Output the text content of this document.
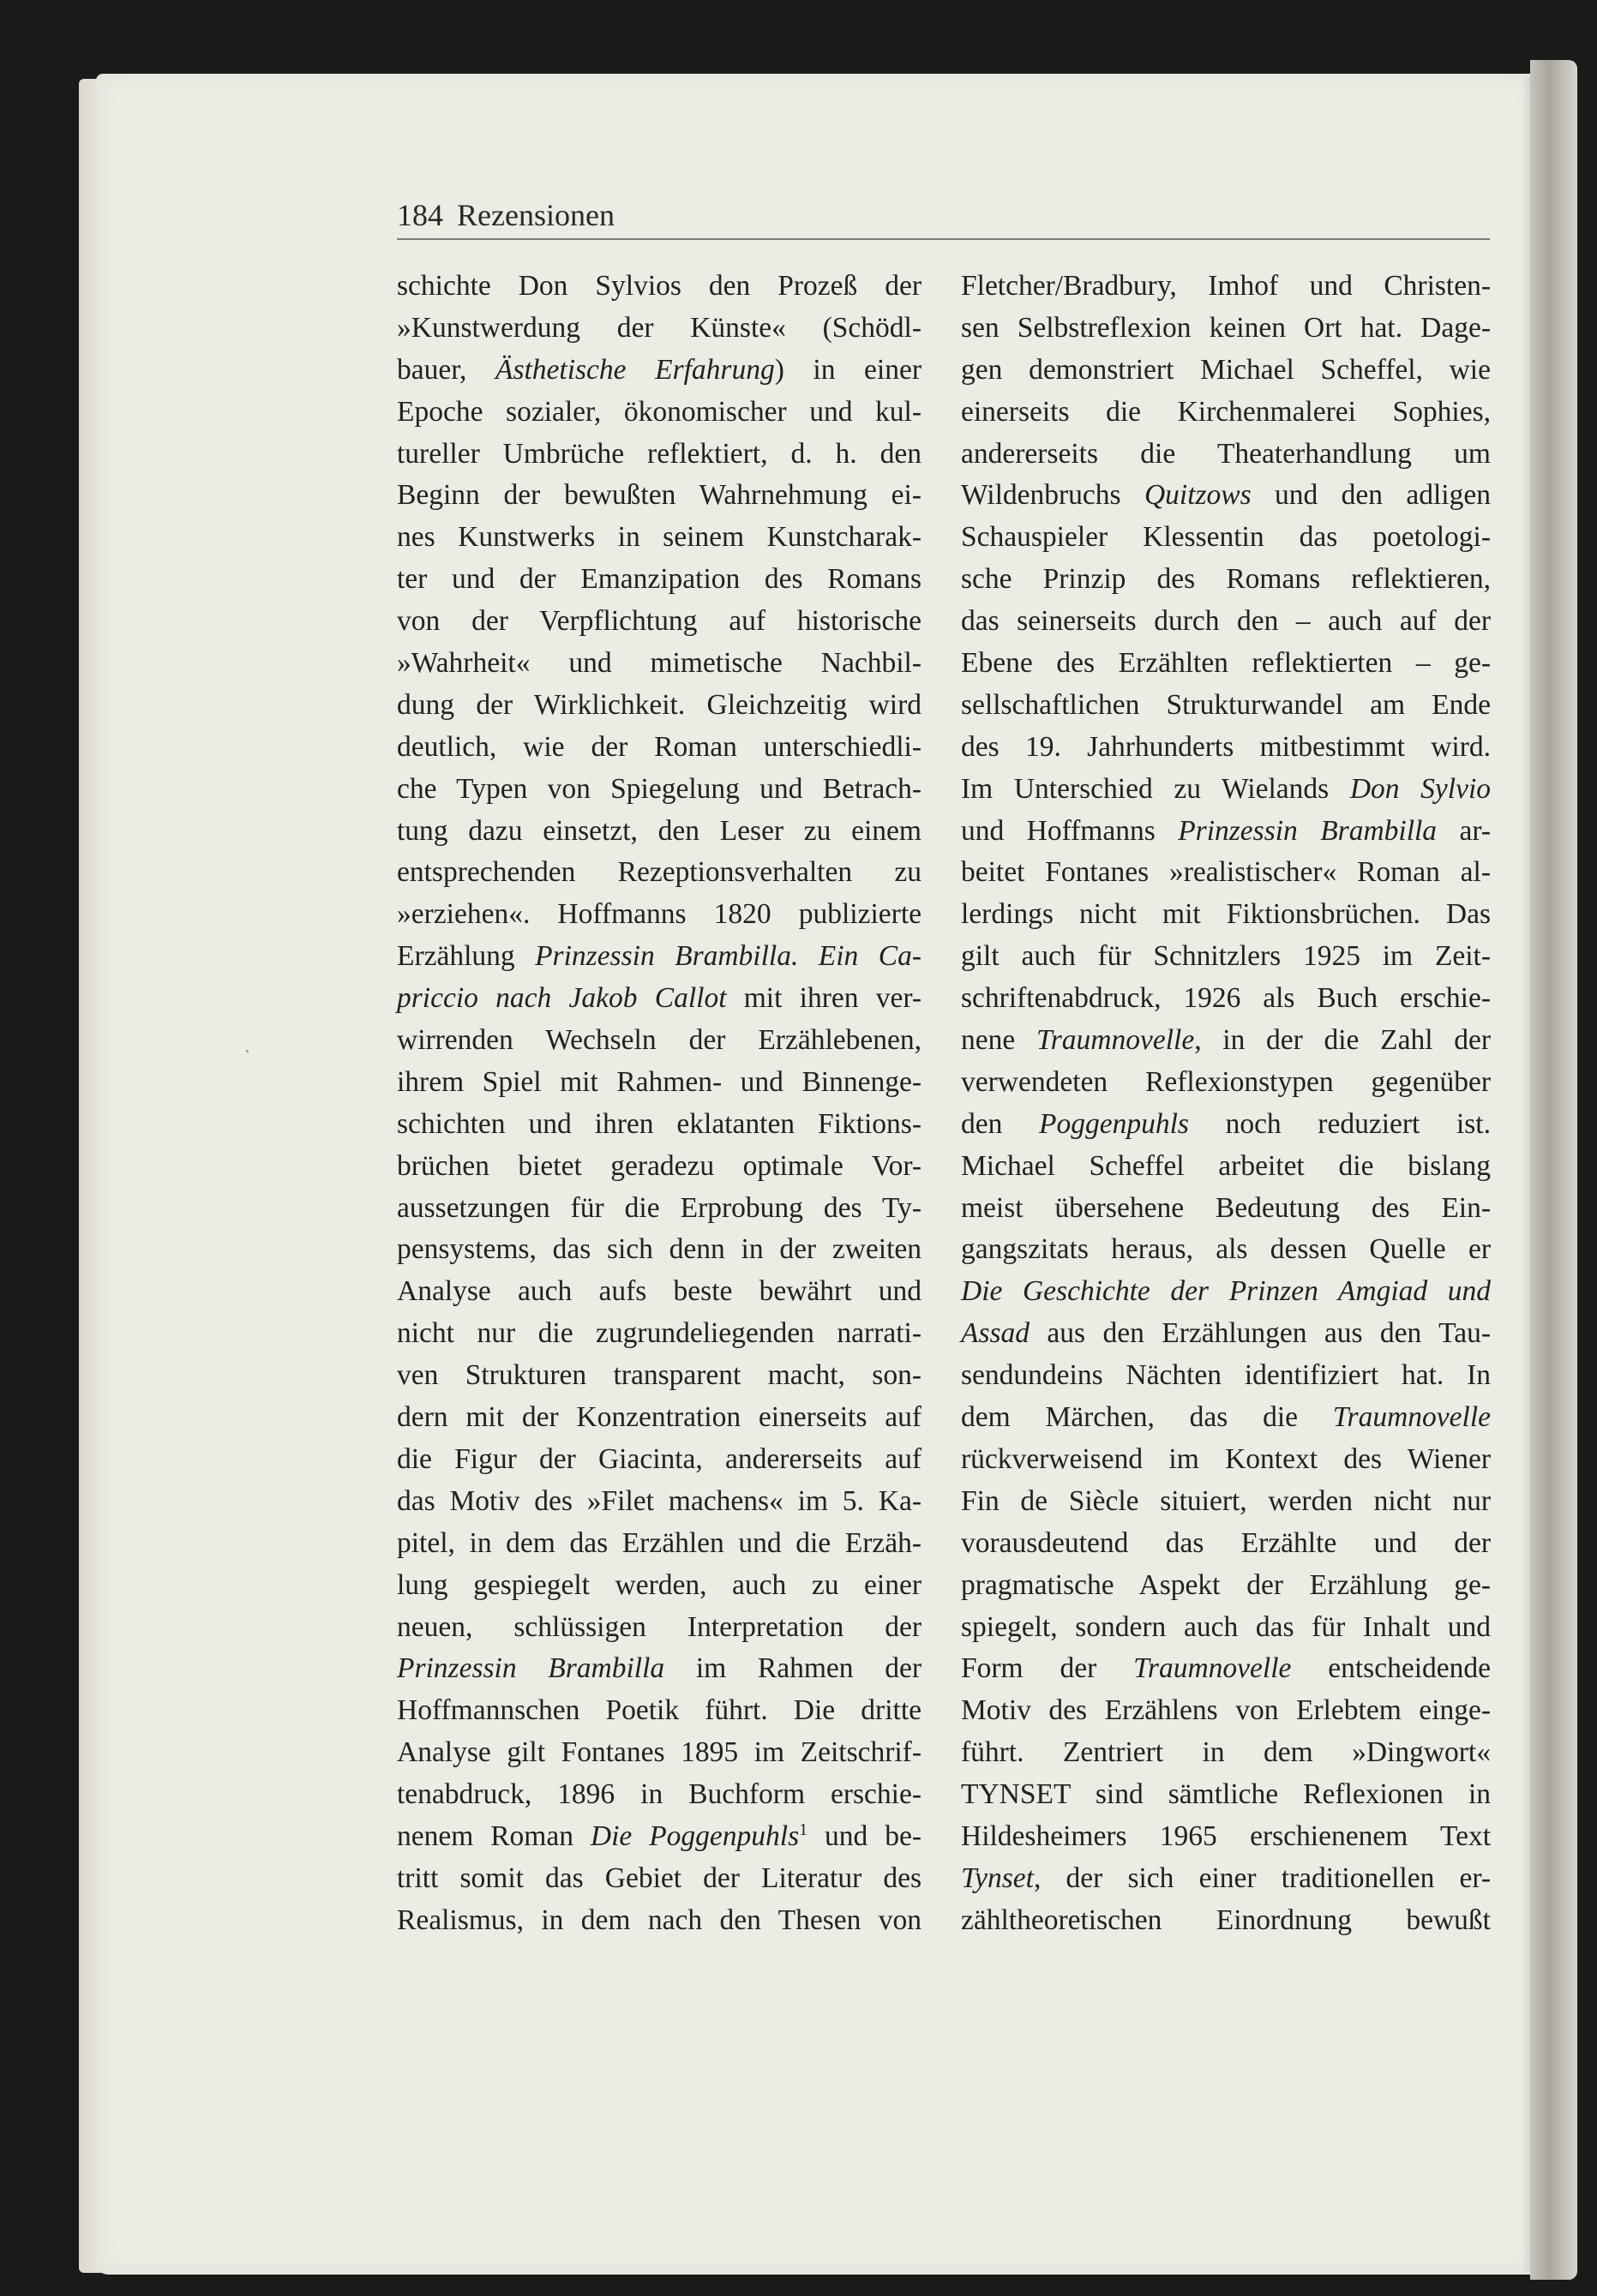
184 Rezensionen
schichte Don Sylvios den Prozeß der
»Kunstwerdung der Künste« (Schödl-
bauer, Ästhetische Erfahrung) in einer
Epoche sozialer, ökonomischer und kul-
tureller Umbrüche reflektiert, d. h. den
Beginn der bewußten Wahrnehmung ei-
nes Kunstwerks in seinem Kunstcharak-
ter und der Emanzipation des Romans
von der Verpflichtung auf historische
»Wahrheit« und mimetische Nachbil-
dung der Wirklichkeit. Gleichzeitig wird
deutlich, wie der Roman unterschiedli-
che Typen von Spiegelung und Betrach-
tung dazu einsetzt, den Leser zu einem
entsprechenden Rezeptionsverhalten zu
»erziehen«. Hoffmanns 1820 publizierte
Erzählung Prinzessin Brambilla. Ein Ca-
priccio nach Jakob Callot mit ihren ver-
wirrenden Wechseln der Erzählebenen,
ihrem Spiel mit Rahmen- und Binnenge-
schichten und ihren eklatanten Fiktions-
brüchen bietet geradezu optimale Vor-
aussetzungen für die Erprobung des Ty-
pensystems, das sich denn in der zweiten
Analyse auch aufs beste bewährt und
nicht nur die zugrundeliegenden narrati-
ven Strukturen transparent macht, son-
dern mit der Konzentration einerseits auf
die Figur der Giacinta, andererseits auf
das Motiv des »Filet machens« im 5. Ka-
pitel, in dem das Erzählen und die Erzäh-
lung gespiegelt werden, auch zu einer
neuen, schlüssigen Interpretation der
Prinzessin Brambilla im Rahmen der
Hoffmannschen Poetik führt. Die dritte
Analyse gilt Fontanes 1895 im Zeitschrif-
tenabdruck, 1896 in Buchform erschie-
nenem Roman Die Poggenpuhls$^1$ und be-
tritt somit das Gebiet der Literatur des
Realismus, in dem nach den Thesen von
Fletcher/Bradbury, Imhof und Christen-
sen Selbstreflexion keinen Ort hat. Dage-
gen demonstriert Michael Scheffel, wie
einerseits die Kirchenmalerei Sophies,
andererseits die Theaterhandlung um
Wildenbruchs Quitzows und den adligen
Schauspieler Klessentin das poetologi-
sche Prinzip des Romans reflektieren,
das seinerseits durch den – auch auf der
Ebene des Erzählten reflektierten – ge-
sellschaftlichen Strukturwandel am Ende
des 19. Jahrhunderts mitbestimmt wird.
Im Unterschied zu Wielands Don Sylvio
und Hoffmanns Prinzessin Brambilla ar-
beitet Fontanes »realistischer« Roman al-
lerdings nicht mit Fiktionsbrüchen. Das
gilt auch für Schnitzlers 1925 im Zeit-
schriftenabdruck, 1926 als Buch erschie-
nene Traumnovelle, in der die Zahl der
verwendeten Reflexionstypen gegenüber
den Poggenpuhls noch reduziert ist.
Michael Scheffel arbeitet die bislang
meist übersehene Bedeutung des Ein-
gangszitats heraus, als dessen Quelle er
Die Geschichte der Prinzen Amgiad und
Assad aus den Erzählungen aus den Tau-
sendundeins Nächten identifiziert hat. In
dem Märchen, das die Traumnovelle
rückverweisend im Kontext des Wiener
Fin de Siècle situiert, werden nicht nur
vorausdeutend das Erzählte und der
pragmatische Aspekt der Erzählung ge-
spiegelt, sondern auch das für Inhalt und
Form der Traumnovelle entscheidende
Motiv des Erzählens von Erlebtem einge-
führt. Zentriert in dem »Dingwort«
TYNSET sind sämtliche Reflexionen in
Hildesheimers 1965 erschienenem Text
Tynset, der sich einer traditionellen er-
zähltheoretischen Einordnung bewußt
